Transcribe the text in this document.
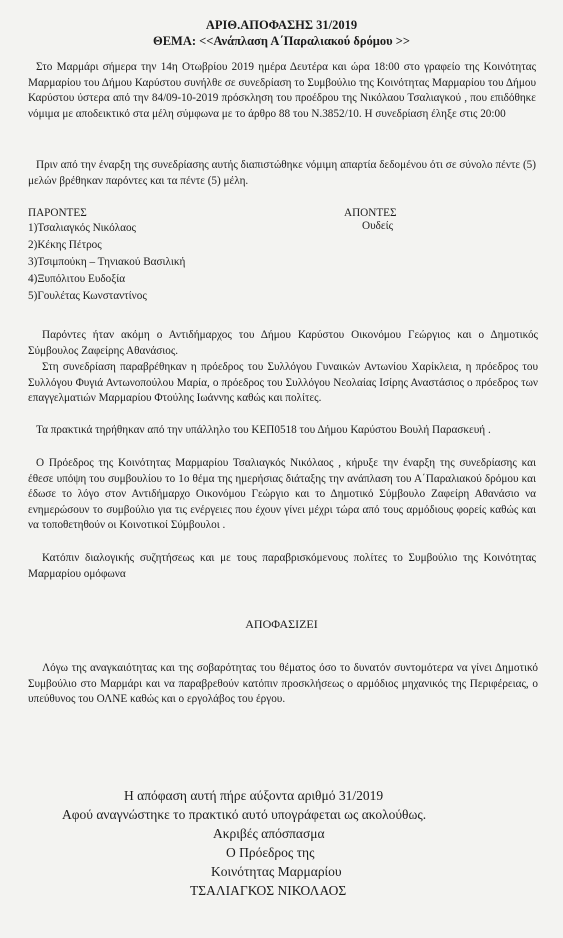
ΑΡΙΘ.ΑΠΟΦΑΣΗΣ 31/2019

ΘΕΜΑ: <<Ανάπλαση Α΄Παραλιακού δρόμου >>

Στο Μαρμάρι σήμερα την 14η Οτωβρίου 2019 ημέρα Δευτέρα και ώρα 18:00 στο γραφείο της Κοινότητας Μαρμαρίου του Δήμου Καρύστου συνήλθε σε συνεδρίαση το Συμβούλιο της Κοινότητας Μαρμαρίου του Δήμου Καρύστου ύστερα από την 84/09-10-2019 πρόσκληση του προέδρου της Νικόλαου Τσαλιαγκού , που επιδόθηκε νόμιμα με αποδεικτικό στα μέλη σύμφωνα με το άρθρο 88 του Ν.3852/10. Η συνεδρίαση έληξε στις 20:00

Πριν από την έναρξη της συνεδρίασης αυτής διαπιστώθηκε νόμιμη απαρτία δεδομένου ότι σε σύνολο πέντε (5) μελών βρέθηκαν παρόντες και τα πέντε (5) μέλη.

ΠΑΡΟΝΤΕΣ	ΑΠΟΝΤΕΣ

Ουδείς

1)Τσαλιαγκός Νικόλαος
2)Κέκης Πέτρος
3)Τσιμπούκη – Τηνιακού Βασιλική
4)Ξυπόλιτου Ευδοξία
5)Γουλέτας Κωνσταντίνος

Παρόντες ήταν ακόμη ο Αντιδήμαρχος του Δήμου Καρύστου Οικονόμου Γεώργιος και ο Δημοτικός Σύμβουλος Ζαφείρης Αθανάσιος.

Στη συνεδρίαση παραβρέθηκαν η πρόεδρος του Συλλόγου Γυναικών Αντωνίου Χαρίκλεια, η πρόεδρος του Συλλόγου Φυγιά Αντωνοπούλου Μαρία, ο πρόεδρος του Συλλόγου Νεολαίας Ισίρης Αναστάσιος ο πρόεδρος των επαγγελματιών Μαρμαρίου Φτούλης Ιωάννης καθώς και πολίτες.

Τα πρακτικά τηρήθηκαν από την υπάλληλο του ΚΕΠ0518 του Δήμου Καρύστου Βουλή Παρασκευή .

Ο Πρόεδρος της Κοινότητας Μαρμαρίου Τσαλιαγκός Νικόλαος , κήρυξε την έναρξη της συνεδρίασης και έθεσε υπόψη του συμβουλίου το 1ο θέμα της ημερήσιας διάταξης την ανάπλαση του Α΄Παραλιακού δρόμου και έδωσε το λόγο στον Αντιδήμαρχο Οικονόμου Γεώργιο και το Δημοτικό Σύμβουλο Ζαφείρη Αθανάσιο να ενημερώσουν το συμβούλιο για τις ενέργειες που έχουν γίνει μέχρι τώρα από τους αρμόδιους φορείς καθώς και να τοποθετηθούν οι Κοινοτικοί Σύμβουλοι .

Κατόπιν διαλογικής συζητήσεως και με τους παραβρισκόμενους πολίτες το Συμβούλιο της Κοινότητας Μαρμαρίου ομόφωνα

ΑΠΟΦΑΣΙΖΕΙ

Λόγω της αναγκαιότητας και της σοβαρότητας του θέματος όσο το δυνατόν συντομότερα να γίνει Δημοτικό Συμβούλιο στο Μαρμάρι και να παραβρεθούν κατόπιν προσκλήσεως ο αρμόδιος μηχανικός της Περιφέρειας, ο υπεύθυνος του ΟΛΝΕ καθώς και ο εργολάβος του έργου.

Η απόφαση αυτή πήρε αύξοντα αριθμό 31/2019

Αφού αναγνώστηκε το πρακτικό αυτό υπογράφεται ως ακολούθως.

Ακριβές απόσπασμα

Ο Πρόεδρος της

Κοινότητας Μαρμαρίου

ΤΣΑΛΙΑΓΚΟΣ ΝΙΚΟΛΑΟΣ
